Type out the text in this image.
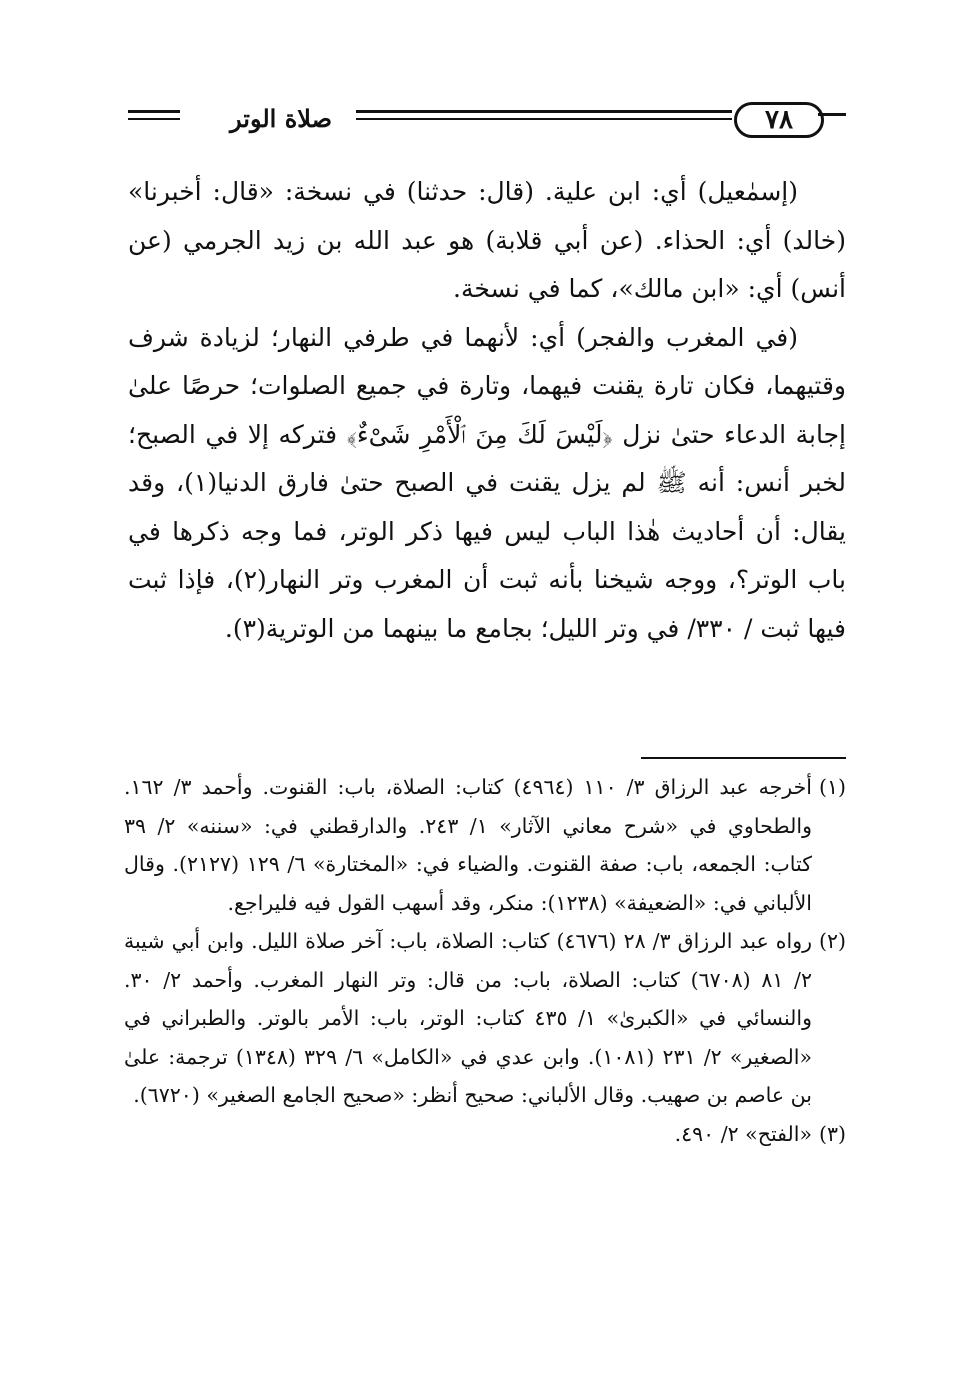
صلاة الوتر	٧٨

(إسمٰعيل) أي: ابن علية. (قال: حدثنا) في نسخة: «قال: أخبرنا» (خالد) أي: الحذاء. (عن أبي قلابة) هو عبد الله بن زيد الجرمي (عن أنس) أي: «ابن مالك»، كما في نسخة.

(في المغرب والفجر) أي: لأنهما في طرفي النهار؛ لزيادة شرف وقتيهما، فكان تارة يقنت فيهما، وتارة في جميع الصلوات؛ حرصًا علىٰ إجابة الدعاء حتىٰ نزل ﴿لَيْسَ لَكَ مِنَ ٱلْأَمْرِ شَىْءٌ﴾ فتركه إلا في الصبح؛ لخبر أنس: أنه ﷺ لم يزل يقنت في الصبح حتىٰ فارق الدنيا(١)، وقد يقال: أن أحاديث هٰذا الباب ليس فيها ذكر الوتر، فما وجه ذكرها في باب الوتر؟، ووجه شيخنا بأنه ثبت أن المغرب وتر النهار(٢)، فإذا ثبت فيها ثبت / ٣٣٠/ في وتر الليل؛ بجامع ما بينهما من الوترية(٣).

(١)
أخرجه عبد الرزاق ٣/ ١١٠ (٤٩٦٤) كتاب: الصلاة، باب: القنوت. وأحمد ٣/ ١٦٢. والطحاوي في «شرح معاني الآثار» ١/ ٢٤٣. والدارقطني في: «سننه» ٢/ ٣٩ كتاب: الجمعه، باب: صفة القنوت. والضياء في: «المختارة» ٦/ ١٢٩ (٢١٢٧). وقال الألباني في: «الضعيفة» (١٢٣٨): منكر، وقد أسهب القول فيه فليراجع.
(٢)
رواه عبد الرزاق ٣/ ٢٨ (٤٦٧٦) كتاب: الصلاة، باب: آخر صلاة الليل. وابن أبي شيبة ٢/ ٨١ (٦٧٠٨) كتاب: الصلاة، باب: من قال: وتر النهار المغرب. وأحمد ٢/ ٣٠. والنسائي في «الكبرىٰ» ١/ ٤٣٥ كتاب: الوتر، باب: الأمر بالوتر. والطبراني في «الصغير» ٢/ ٢٣١ (١٠٨١). وابن عدي في «الكامل» ٦/ ٣٢٩ (١٣٤٨) ترجمة: علىٰ بن عاصم بن صهيب. وقال الألباني: صحيح أنظر: «صحيح الجامع الصغير» (٦٧٢٠).
(٣)
«الفتح» ٢/ ٤٩٠.
